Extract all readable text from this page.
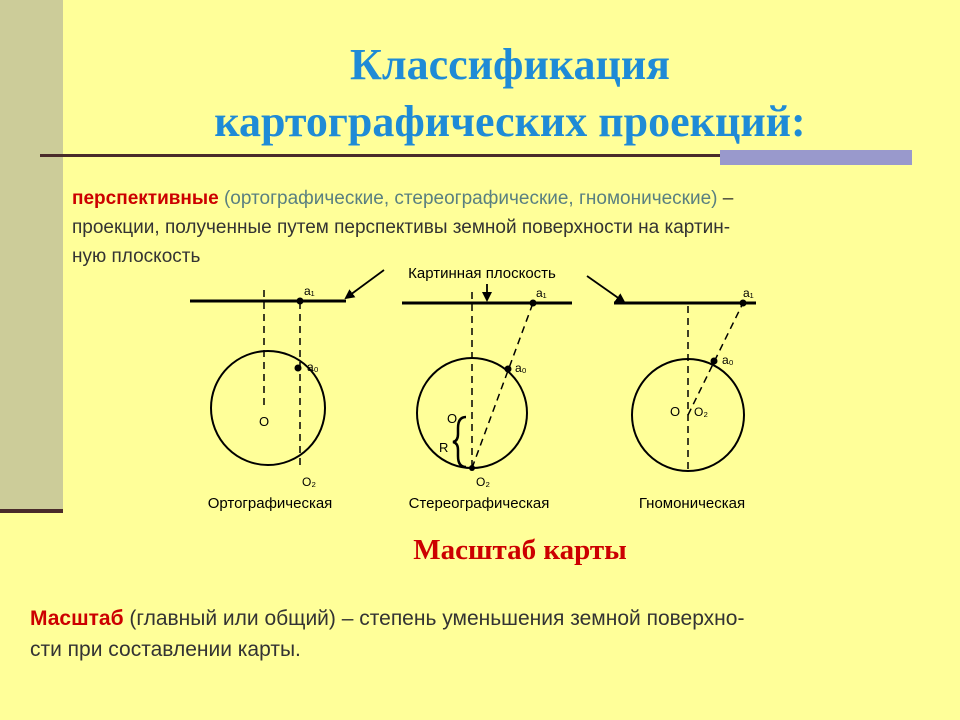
Классификация
картографических проекций:
перспективные (ортографические, стереографические, гномонические) –
проекции, полученные путем перспективы земной поверхности на картин-
ную плоскость
Картинная плоскость
a₁
a₀
O
O₂
Ортографическая
a₁
a₀
O
R
O₂
Стереографическая
a₁
a₀
O O₂
Гномоническая
Масштаб карты
Масштаб (главный или общий) – степень уменьшения земной поверхно-
сти при составлении карты.
